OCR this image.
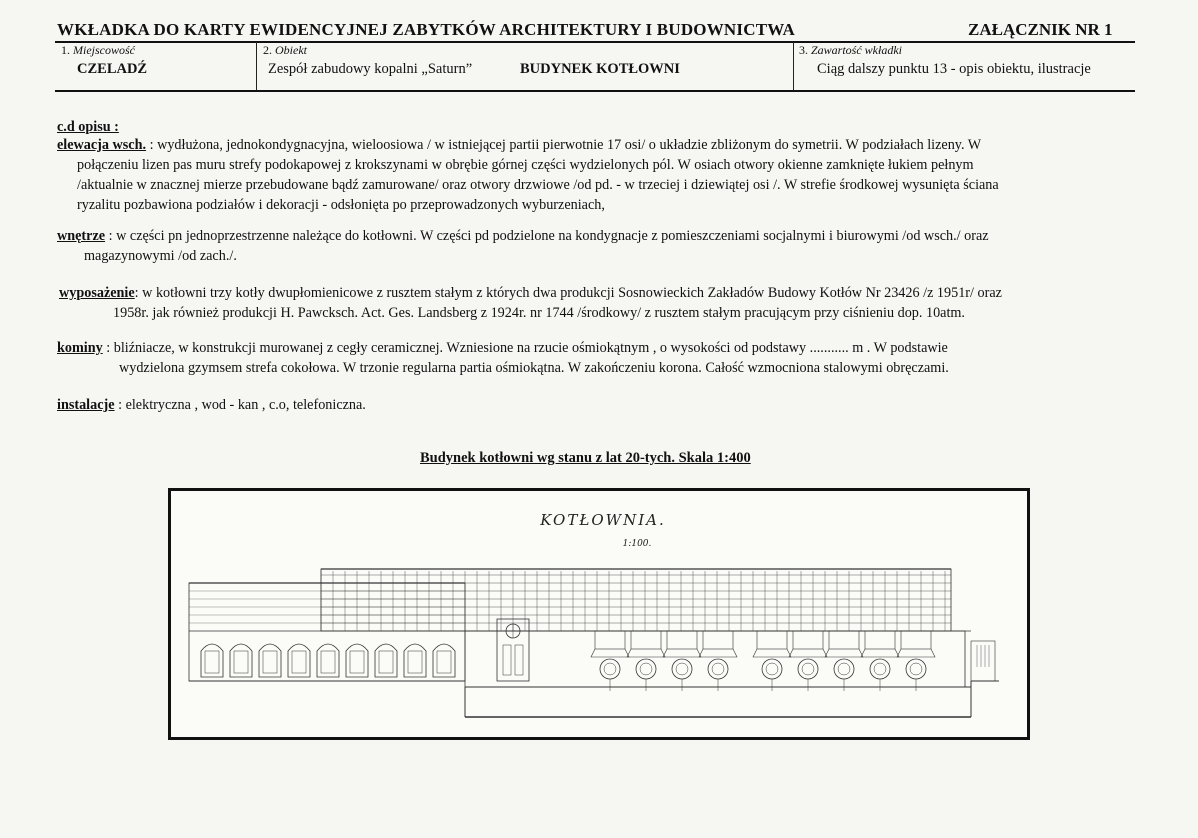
WKŁADKA DO KARTY EWIDENCYJNEJ ZABYTKÓW ARCHITEKTURY I BUDOWNICTWA	ZAŁĄCZNIK NR 1
1. Miejscowość
CZELADŹ
2. Obiekt
Zespół zabudowy kopalni „Saturn”	BUDYNEK KOTŁOWNI
3. Zawartość wkładki
Ciąg dalszy punktu 13 - opis obiektu, ilustracje
c.d opisu :
elewacja wsch. : wydłużona, jednokondygnacyjna, wieloosiowa / w istniejącej partii pierwotnie 17 osi/ o układzie zbliżonym do symetrii. W podziałach lizeny. W
połączeniu lizen pas muru strefy podokapowej z krokszynami w obrębie górnej części wydzielonych pól. W osiach otwory okienne zamknięte łukiem pełnym
/aktualnie w znacznej mierze przebudowane bądź zamurowane/ oraz otwory drzwiowe /od pd. - w trzeciej i dziewiątej osi /. W strefie środkowej wysunięta ściana
ryzalitu pozbawiona podziałów i dekoracji - odsłonięta po przeprowadzonych wyburzeniach,
wnętrze : w części pn jednoprzestrzenne należące do kotłowni. W części pd podzielone na kondygnacje z pomieszczeniami socjalnymi i biurowymi /od wsch./ oraz
magazynowymi /od zach./.
wyposażenie: w kotłowni trzy kotły dwupłomienicowe z rusztem stałym z których dwa produkcji Sosnowieckich Zakładów Budowy Kotłów Nr 23426 /z 1951r/ oraz
1958r. jak również produkcji H. Pawcksch. Act. Ges. Landsberg z 1924r. nr 1744 /środkowy/ z rusztem stałym pracującym przy ciśnieniu dop. 10atm.
kominy : bliźniacze, w konstrukcji murowanej z cegły ceramicznej. Wzniesione na rzucie ośmiokątnym , o wysokości od podstawy ........... m . W podstawie
wydzielona gzymsem strefa cokołowa. W trzonie regularna partia ośmiokątna. W zakończeniu korona. Całość wzmocniona stalowymi obręczami.
instalacje : elektryczna , wod - kan , c.o, telefoniczna.
Budynek kotłowni wg stanu z lat 20-tych. Skala 1:400
KOTŁOWNIA.
1:100.
